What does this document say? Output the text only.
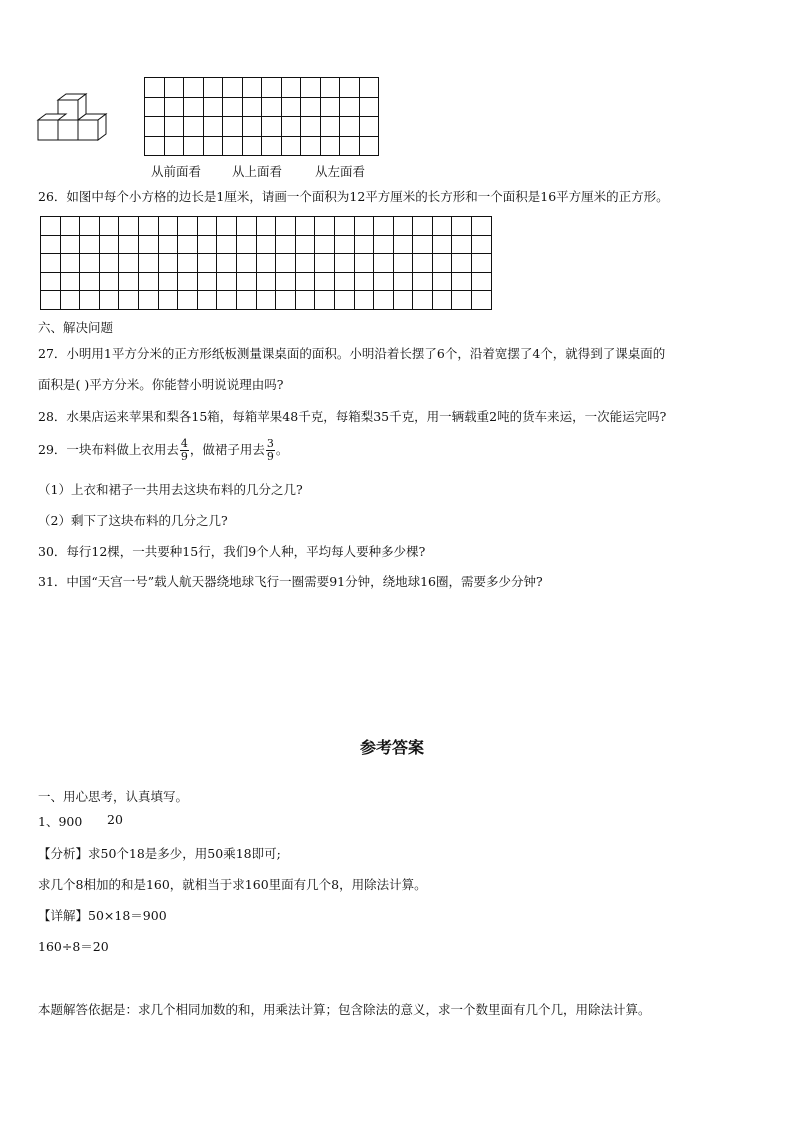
从前面看 从上面看	从左面看
26．如图中每个小方格的边长是1厘米，请画一个面积为12平方厘米的长方形和一个面积是16平方厘米的正方形。
六、解决问题
27．小明用1平方分米的正方形纸板测量课桌面的面积。小明沿着长摆了6个，沿着宽摆了4个，就得到了课桌面的
面积是( )平方分米。你能替小明说说理由吗?
28．水果店运来苹果和梨各15箱，每箱苹果48千克，每箱梨35千克，用一辆载重2吨的货车来运，一次能运完吗?
29．一块布料做上衣用去 $\frac{4}{9}$ ，做裙子用去 $\frac{3}{9}$ 。
（1）上衣和裙子一共用去这块布料的几分之几?
（2）剩下了这块布料的几分之几?
30．每行12棵，一共要种15行，我们9个人种，平均每人要种多少棵?
31．中国“天宫一号”载人航天器绕地球飞行一圈需要91分钟，绕地球16圈，需要多少分钟?
参考答案
一、用心思考，认真填写。
1、900 20
【分析】求50个18是多少，用50乘18即可;
求几个8相加的和是160，就相当于求160里面有几个8，用除法计算。
【详解】50×18＝900
160÷8＝20
本题解答依据是：求几个相同加数的和，用乘法计算；包含除法的意义，求一个数里面有几个几，用除法计算。
